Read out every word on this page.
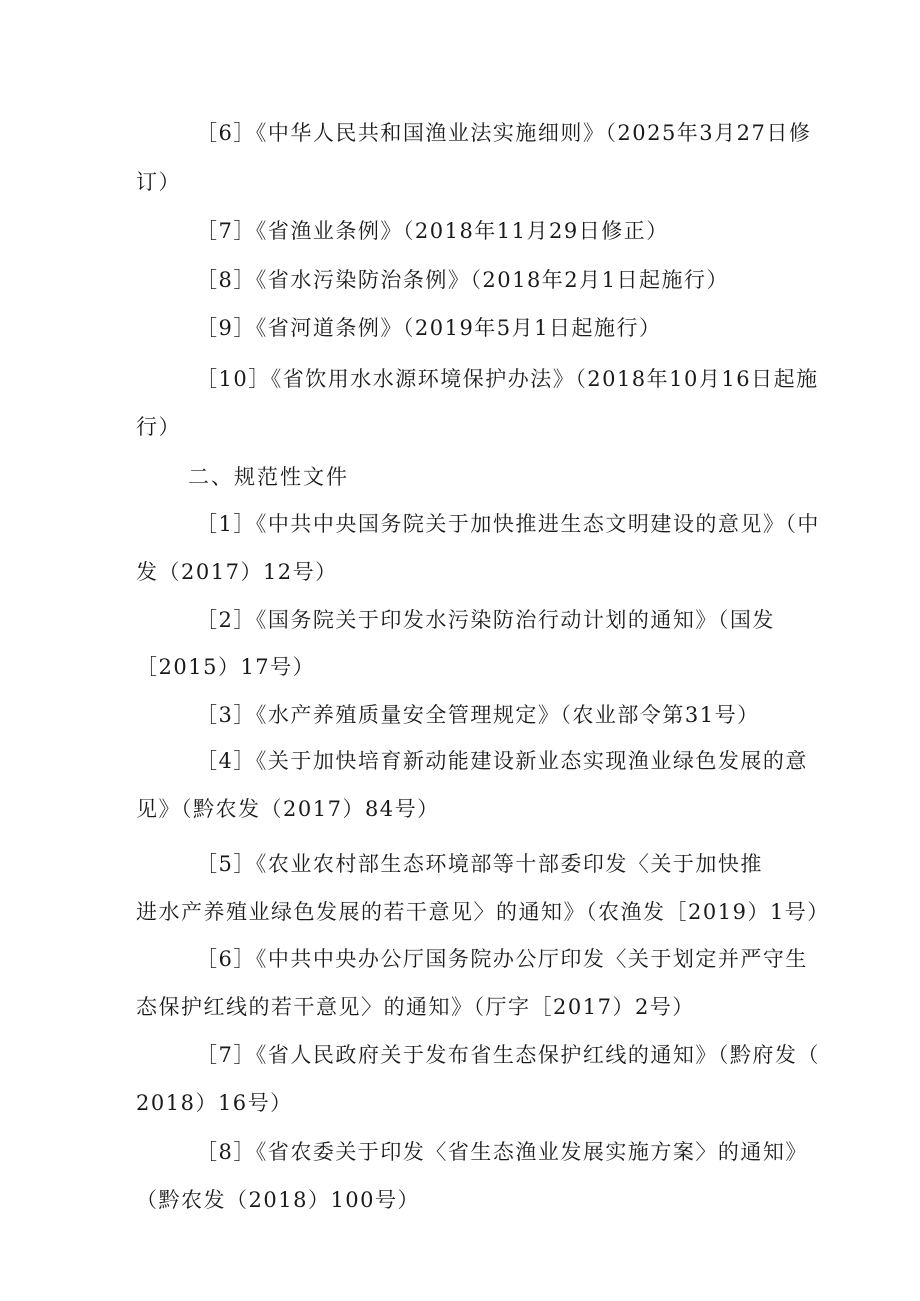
［6］《中华人民共和国渔业法实施细则》（2025年3月27日修
订）
［7］《省渔业条例》（2018年11月29日修正）
［8］《省水污染防治条例》（2018年2月1日起施行）
［9］《省河道条例》（2019年5月1日起施行）
［10］《省饮用水水源环境保护办法》（2018年10月16日起施
行）
二、规范性文件
［1］《中共中央国务院关于加快推进生态文明建设的意见》（中
发（2017）12号）
［2］《国务院关于印发水污染防治行动计划的通知》（国发
［2015）17号）
［3］《水产养殖质量安全管理规定》（农业部令第31号）
［4］《关于加快培育新动能建设新业态实现渔业绿色发展的意
见》（黔农发（2017）84号）
［5］《农业农村部生态环境部等十部委印发〈关于加快推
进水产养殖业绿色发展的若干意见〉的通知》（农渔发［2019）1号）
［6］《中共中央办公厅国务院办公厅印发〈关于划定并严守生
态保护红线的若干意见〉的通知》（厅字［2017）2号）
［7］《省人民政府关于发布省生态保护红线的通知》（黔府发（
2018）16号）
［8］《省农委关于印发〈省生态渔业发展实施方案〉的通知》
（黔农发（2018）100号）
